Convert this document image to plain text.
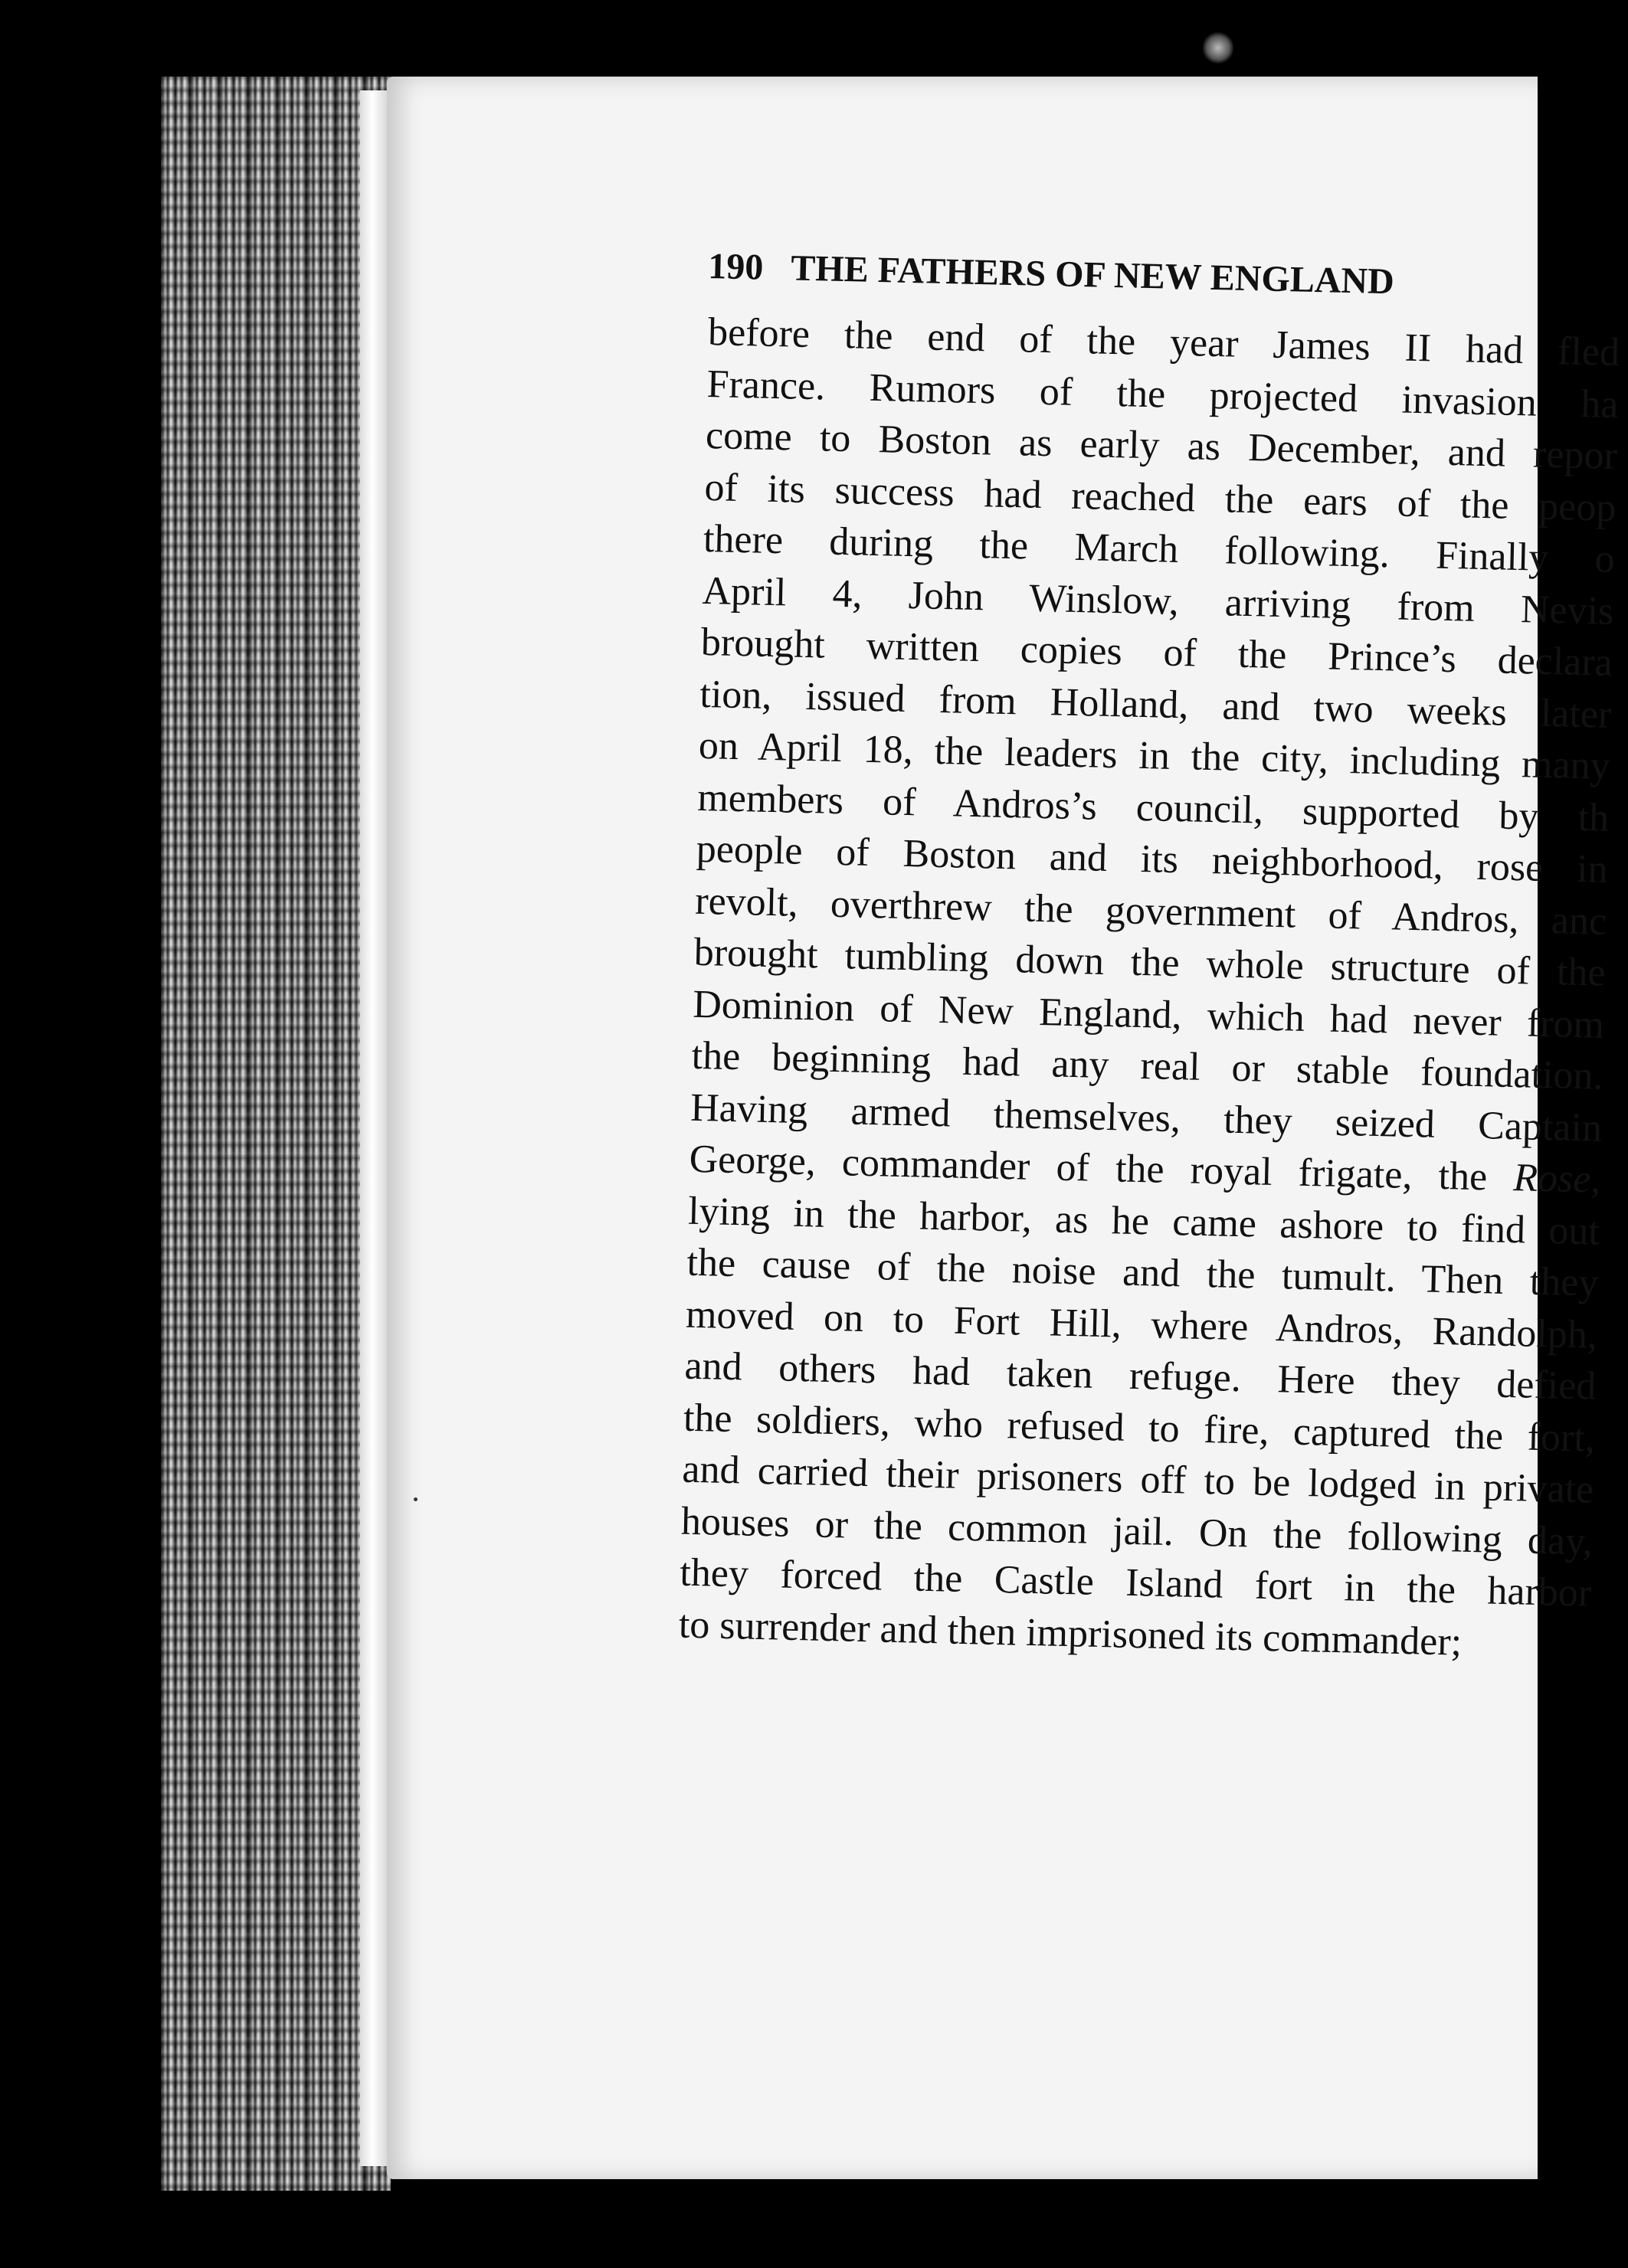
190 THE FATHERS OF NEW ENGLAND
before the end of the year James II had fled
France. Rumors of the projected invasion ha
come to Boston as early as December, and repor
of its success had reached the ears of the peop
there during the March following. Finally o
April 4, John Winslow, arriving from Nevis
brought written copies of the Prince’s declara
tion, issued from Holland, and two weeks later
on April 18, the leaders in the city, including many
members of Andros’s council, supported by th
people of Boston and its neighborhood, rose in
revolt, overthrew the government of Andros, anc
brought tumbling down the whole structure of the
Dominion of New England, which had never from
the beginning had any real or stable foundation.
Having armed themselves, they seized Captain
George, commander of the royal frigate, the Rose,
lying in the harbor, as he came ashore to find out
the cause of the noise and the tumult. Then they
moved on to Fort Hill, where Andros, Randolph,
and others had taken refuge. Here they defied
the soldiers, who refused to fire, captured the fort,
and carried their prisoners off to be lodged in private
houses or the common jail. On the following day,
they forced the Castle Island fort in the harbor
to surrender and then imprisoned its commander;
